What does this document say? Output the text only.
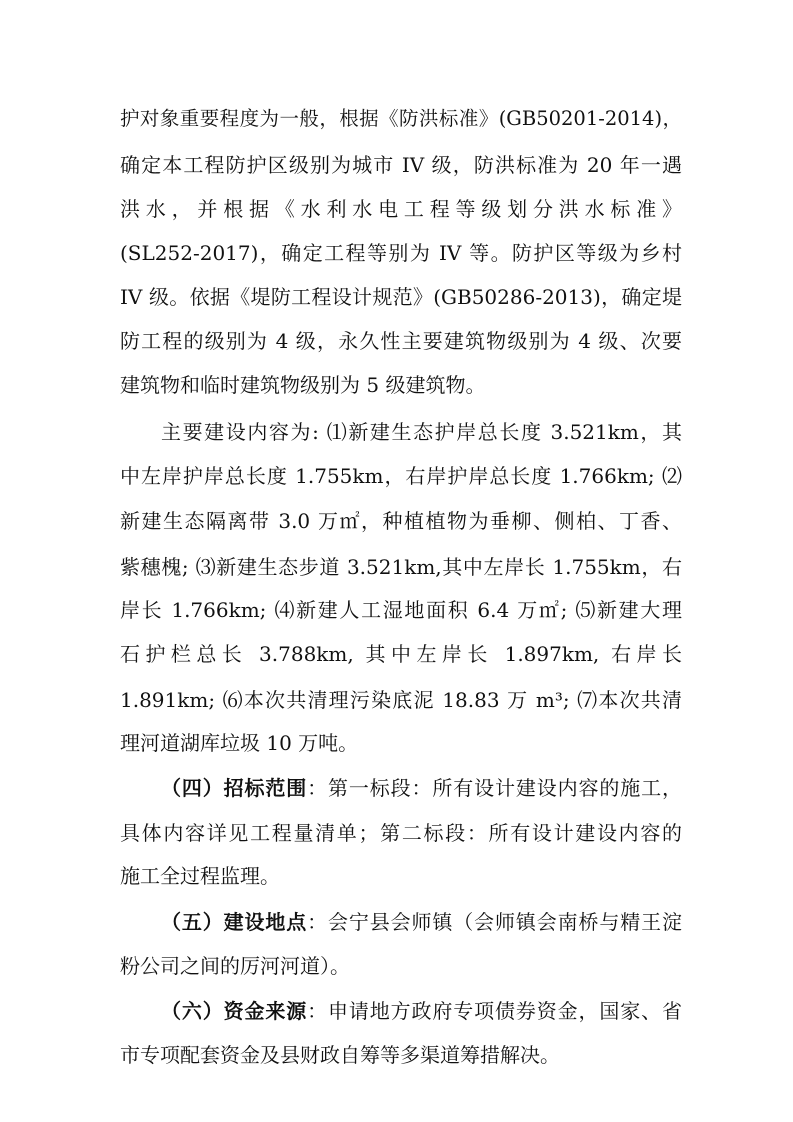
护对象重要程度为一般，根据《防洪标准》(GB50201-2014)，
确定本工程防护区级别为城市 IV 级，防洪标准为 20 年一遇
洪水，并根据《水利水电工程等级划分洪水标准》
(SL252-2017)，确定工程等别为 IV 等。防护区等级为乡村
IV 级。依据《堤防工程设计规范》(GB50286-2013)，确定堤
防工程的级别为 4 级，永久性主要建筑物级别为 4 级、次要
建筑物和临时建筑物级别为 5 级建筑物。
主要建设内容为: ⑴新建生态护岸总长度 3.521km，其
中左岸护岸总长度 1.755km，右岸护岸总长度 1.766km; ⑵
新建生态隔离带 3.0 万㎡，种植植物为垂柳、侧柏、丁香、
紫穗槐; ⑶新建生态步道 3.521km,其中左岸长 1.755km，右
岸长 1.766km; ⑷新建人工湿地面积 6.4 万㎡; ⑸新建大理
石护栏总长 3.788km, 其中左岸长 1.897km, 右岸长
1.891km; ⑹本次共清理污染底泥 18.83 万 m³; ⑺本次共清
理河道湖库垃圾 10 万吨。
（四）招标范围：第一标段：所有设计建设内容的施工，
具体内容详见工程量清单；第二标段：所有设计建设内容的
施工全过程监理。
（五）建设地点：会宁县会师镇（会师镇会南桥与精王淀
粉公司之间的厉河河道）。
（六）资金来源：申请地方政府专项债券资金，国家、省
市专项配套资金及县财政自筹等多渠道筹措解决。
